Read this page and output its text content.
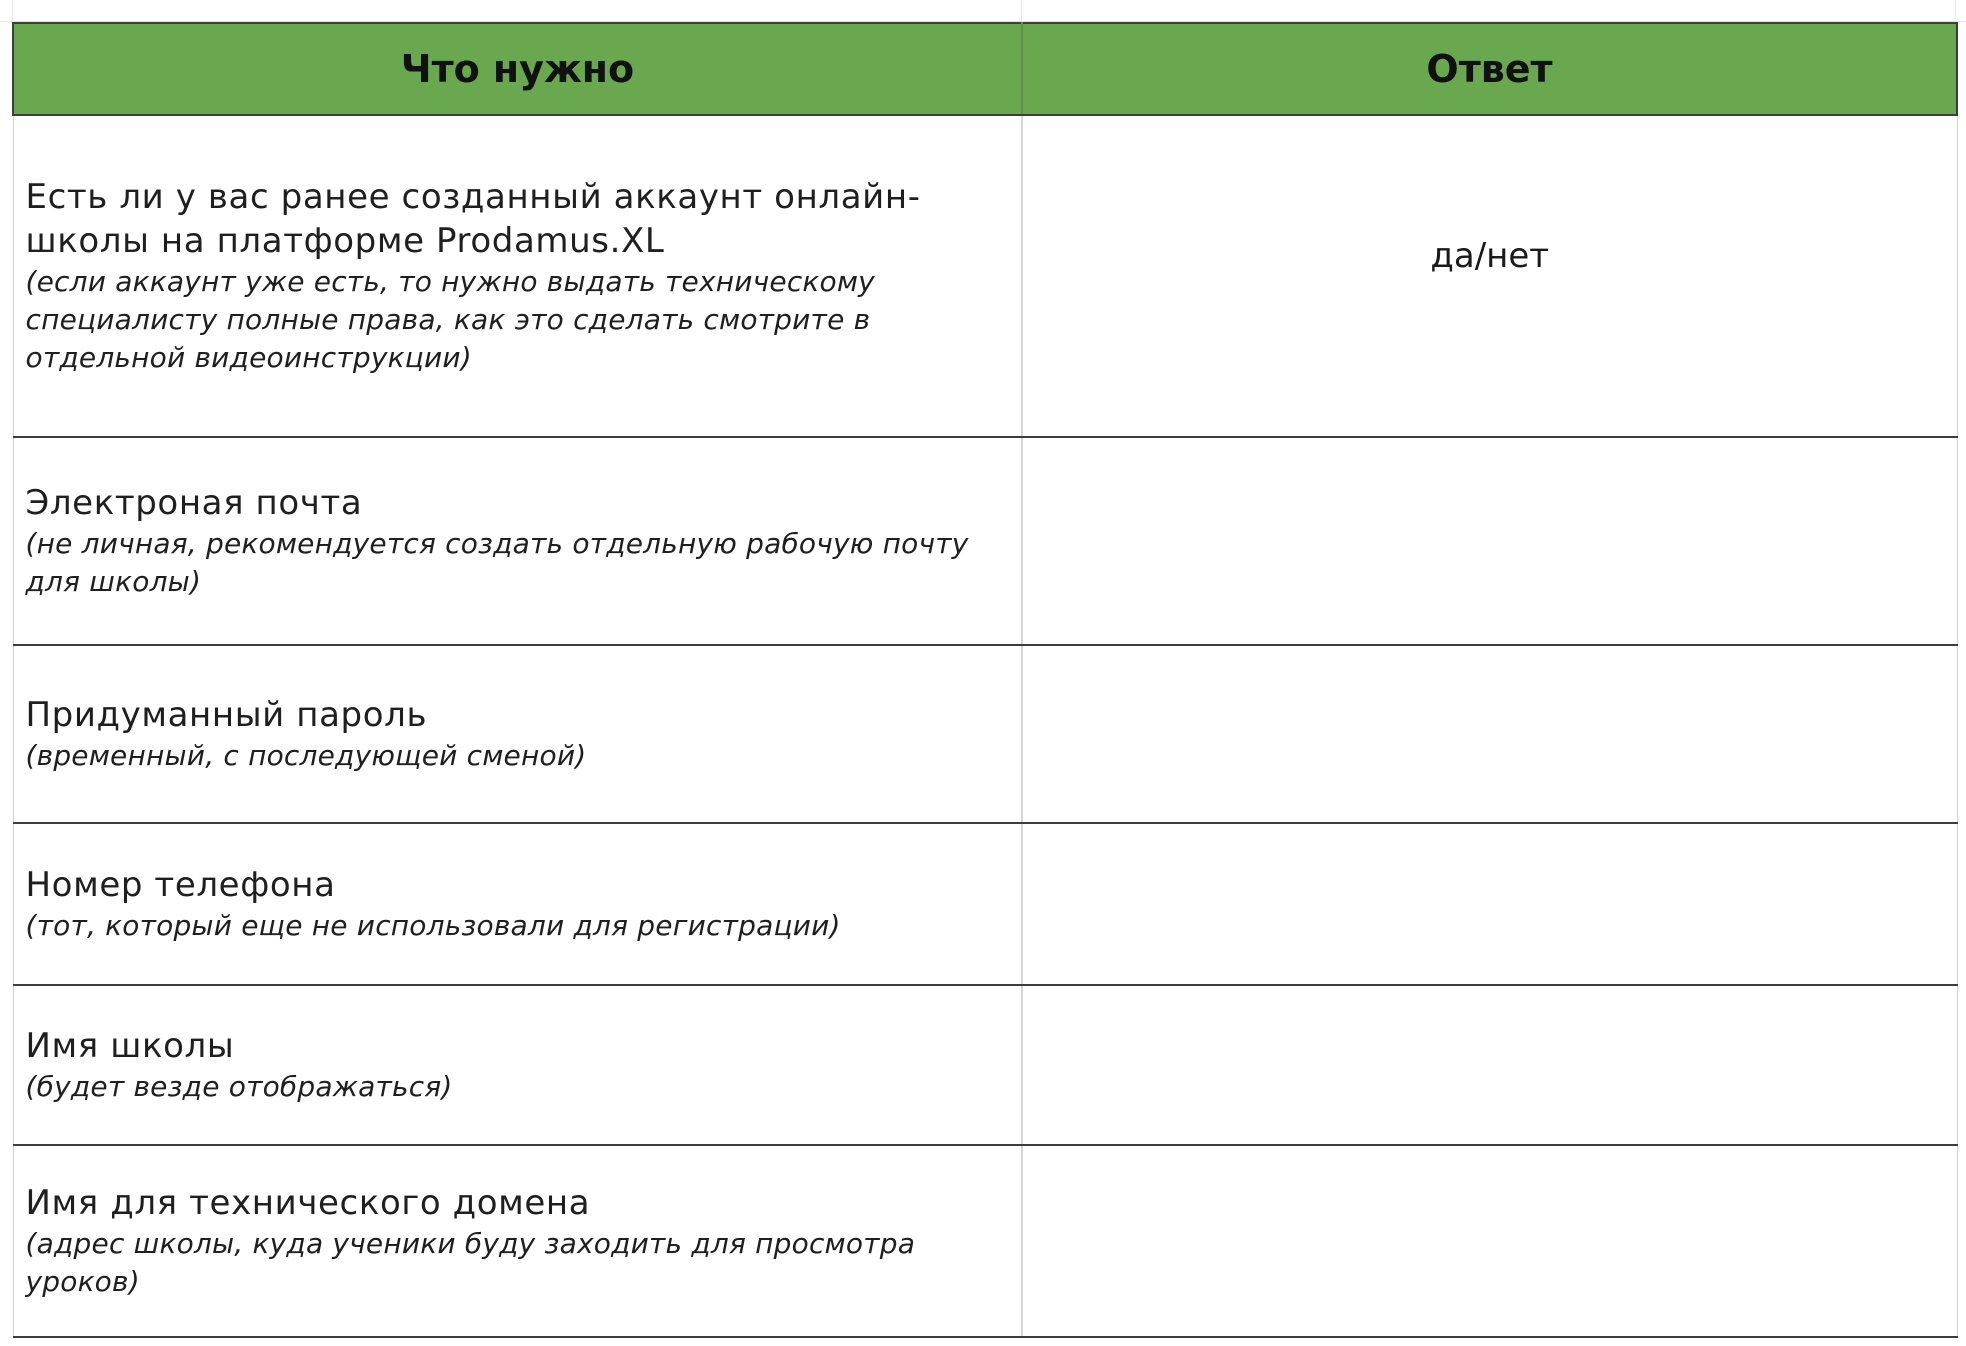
Что нужно	Ответ

Есть ли у вас ранее созданный аккаунт онлайн-школы на платформе Prodamus.XL
(если аккаунт уже есть, то нужно выдать техническому специалисту полные права, как это сделать смотрите в отдельной видеоинструкции)	да/нет

Электроная почта
(не личная, рекомендуется создать отдельную рабочую почту для школы)	

Придуманный пароль
(временный, с последующей сменой)	

Номер телефона
(тот, который еще не использовали для регистрации)	

Имя школы
(будет везде отображаться)	

Имя для технического домена
(адрес школы, куда ученики буду заходить для просмотра уроков)	
